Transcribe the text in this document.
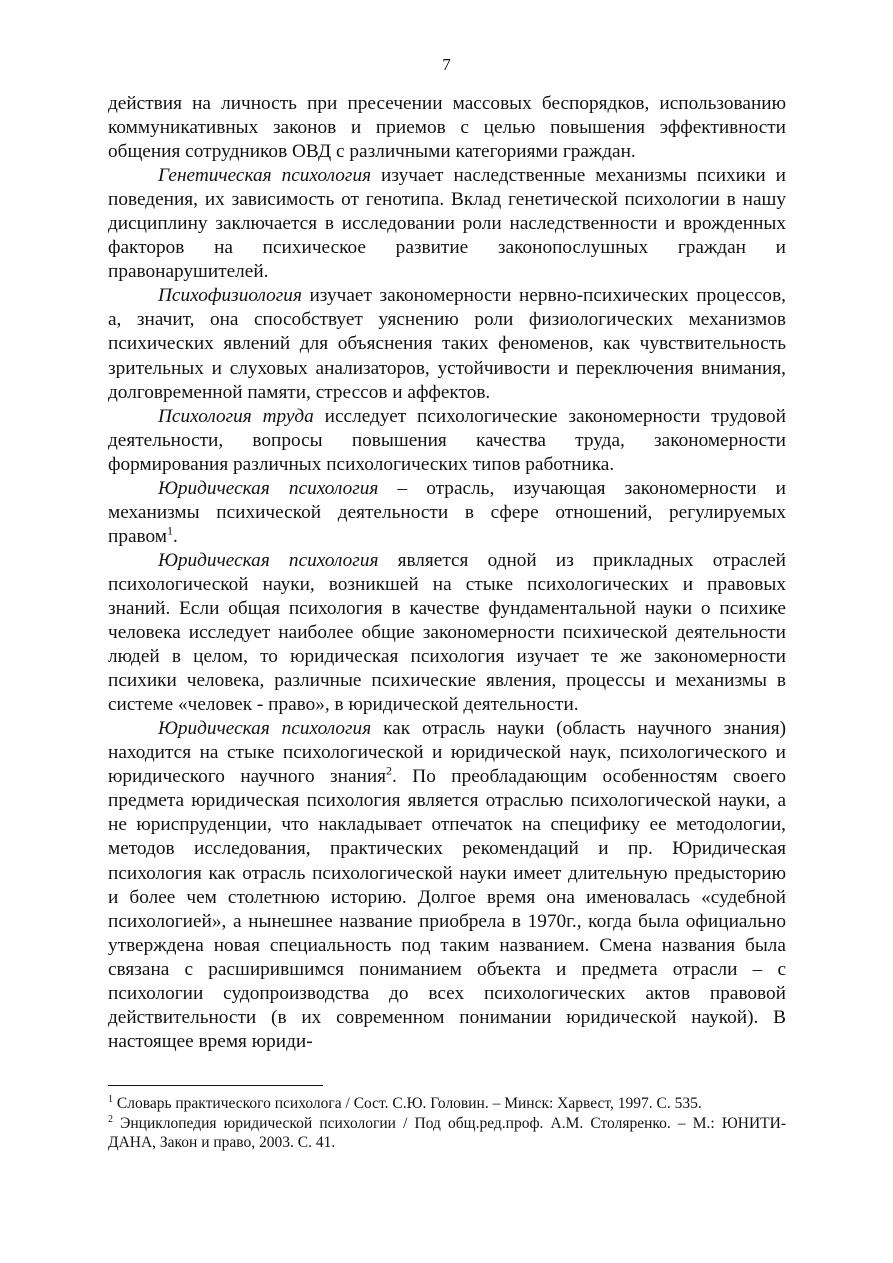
7

действия на личность при пресечении массовых беспорядков, использованию коммуникативных законов и приемов с целью повышения эффективности общения сотрудников ОВД с различными категориями граждан.

Генетическая психология изучает наследственные механизмы психики и поведения, их зависимость от генотипа. Вклад генетической психологии в нашу дисциплину заключается в исследовании роли наследственности и врожденных факторов на психическое развитие законопослушных граждан и правонарушителей.

Психофизиология изучает закономерности нервно-психических процессов, а, значит, она способствует уяснению роли физиологических механизмов психических явлений для объяснения таких феноменов, как чувствительность зрительных и слуховых анализаторов, устойчивости и переключения внимания, долговременной памяти, стрессов и аффектов.

Психология труда исследует психологические закономерности трудовой деятельности, вопросы повышения качества труда, закономерности формирования различных психологических типов работника.

Юридическая психология – отрасль, изучающая закономерности и механизмы психической деятельности в сфере отношений, регулируемых правом$^1$.

Юридическая психология является одной из прикладных отраслей психологической науки, возникшей на стыке психологических и правовых знаний. Если общая психология в качестве фундаментальной науки о психике человека исследует наиболее общие закономерности психической деятельности людей в целом, то юридическая психология изучает те же закономерности психики человека, различные психические явления, процессы и механизмы в системе «человек - право», в юридической деятельности.

Юридическая психология как отрасль науки (область научного знания) находится на стыке психологической и юридической наук, психологического и юридического научного знания$^2$. По преобладающим особенностям своего предмета юридическая психология является отраслью психологической науки, а не юриспруденции, что накладывает отпечаток на специфику ее методологии, методов исследования, практических рекомендаций и пр. Юридическая психология как отрасль психологической науки имеет длительную предысторию и более чем столетнюю историю. Долгое время она именовалась «судебной психологией», а нынешнее название приобрела в 1970г., когда была официально утверждена новая специальность под таким названием. Смена названия была связана с расширившимся пониманием объекта и предмета отрасли – с психологии судопроизводства до всех психологических актов правовой действительности (в их современном понимании юридической наукой). В настоящее время юриди-

$^1$ Словарь практического психолога / Сост. С.Ю. Головин. – Минск: Харвест, 1997. С. 535.

$^2$ Энциклопедия юридической психологии / Под общ.ред.проф. А.М. Столяренко. – М.: ЮНИТИ-ДАНА, Закон и право, 2003. С. 41.
